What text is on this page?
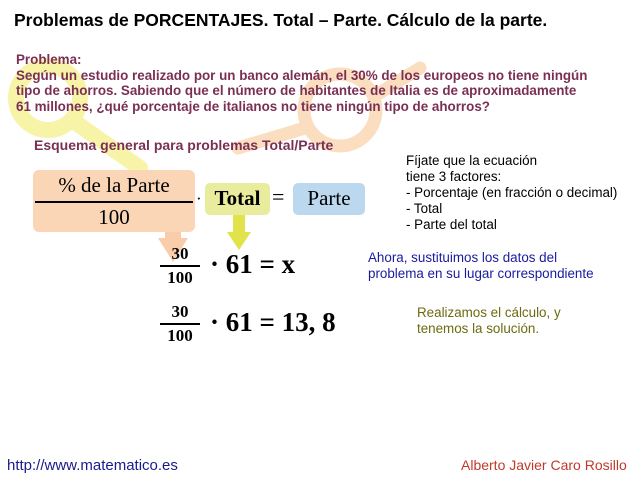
Problemas de PORCENTAJES. Total – Parte. Cálculo de la parte.
Problema:
Según un estudio realizado por un banco alemán, el 30% de los europeos no tiene ningún
tipo de ahorros. Sabiendo que el número de habitantes de Italia es de aproximadamente
61 millones, ¿qué porcentaje de italianos no tiene ningún tipo de ahorros?
Esquema general para problemas Total/Parte
% de la Parte
100
· Total =	Parte
Fíjate que la ecuación
tiene 3 factores:
- Porcentaje (en fracción o decimal)
- Total
- Parte del total
30
100 · 61 = x	Ahora, sustituimos los datos del
problema en su lugar correspondiente
30
100 · 61 = 13, 8	Realizamos el cálculo, y
tenemos la solución.
http://www.matematico.es	Alberto Javier Caro Rosillo
